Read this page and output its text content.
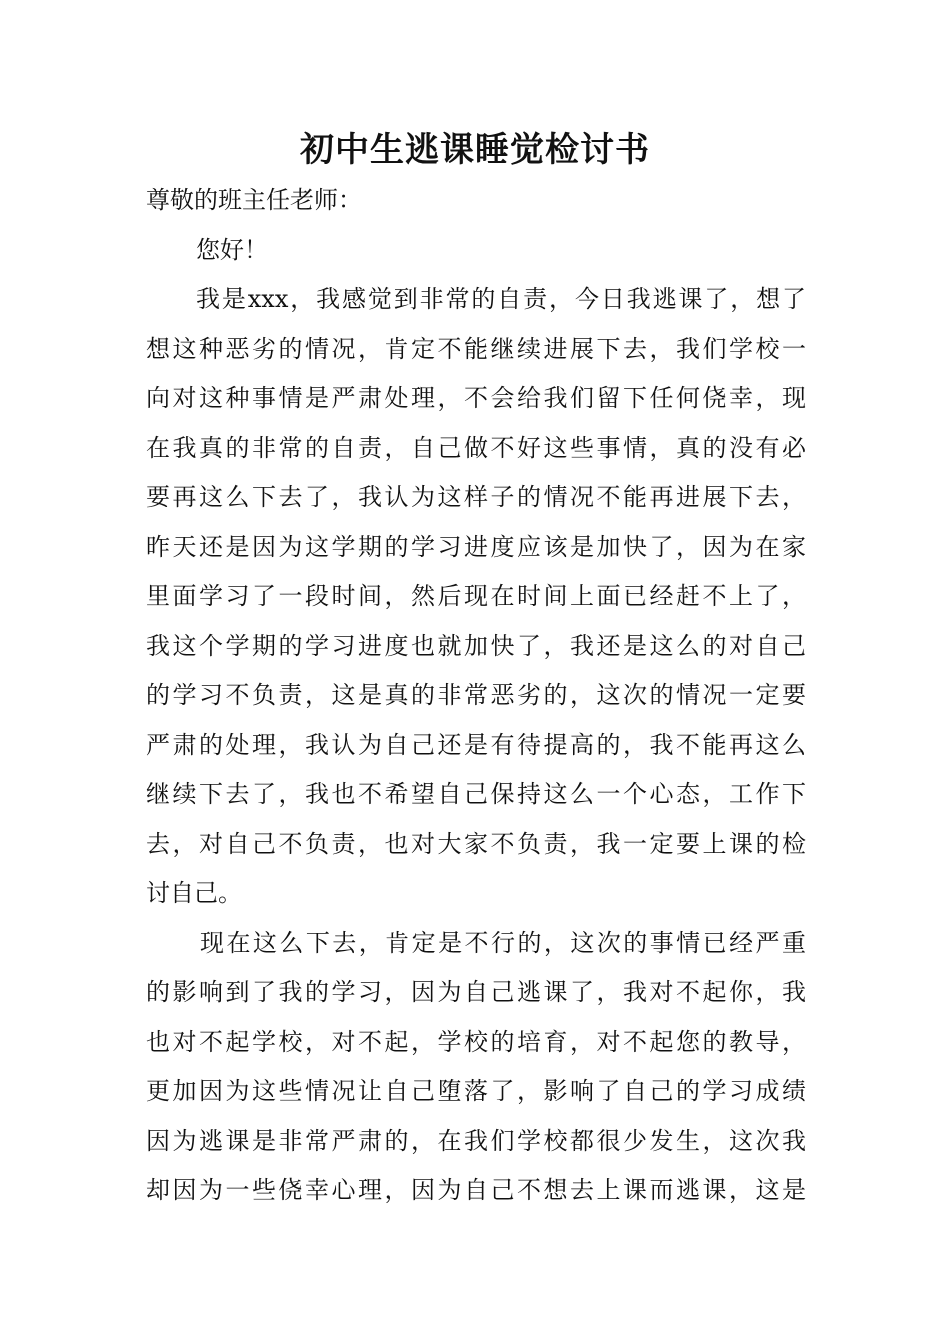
初中生逃课睡觉检讨书
尊敬的班主任老师：
您好！
我是xxx，我感觉到非常的自责，今日我逃课了，想了
想这种恶劣的情况，肯定不能继续进展下去，我们学校一
向对这种事情是严肃处理，不会给我们留下任何侥幸，现
在我真的非常的自责，自己做不好这些事情，真的没有必
要再这么下去了，我认为这样子的情况不能再进展下去，
昨天还是因为这学期的学习进度应该是加快了，因为在家
里面学习了一段时间，然后现在时间上面已经赶不上了，
我这个学期的学习进度也就加快了，我还是这么的对自己
的学习不负责，这是真的非常恶劣的，这次的情况一定要
严肃的处理，我认为自己还是有待提高的，我不能再这么
继续下去了，我也不希望自己保持这么一个心态，工作下
去，对自己不负责，也对大家不负责，我一定要上课的检
讨自己。
现在这么下去，肯定是不行的，这次的事情已经严重
的影响到了我的学习，因为自己逃课了，我对不起你，我
也对不起学校，对不起，学校的培育，对不起您的教导，
更加因为这些情况让自己堕落了，影响了自己的学习成绩
因为逃课是非常严肃的，在我们学校都很少发生，这次我
却因为一些侥幸心理，因为自己不想去上课而逃课，这是
